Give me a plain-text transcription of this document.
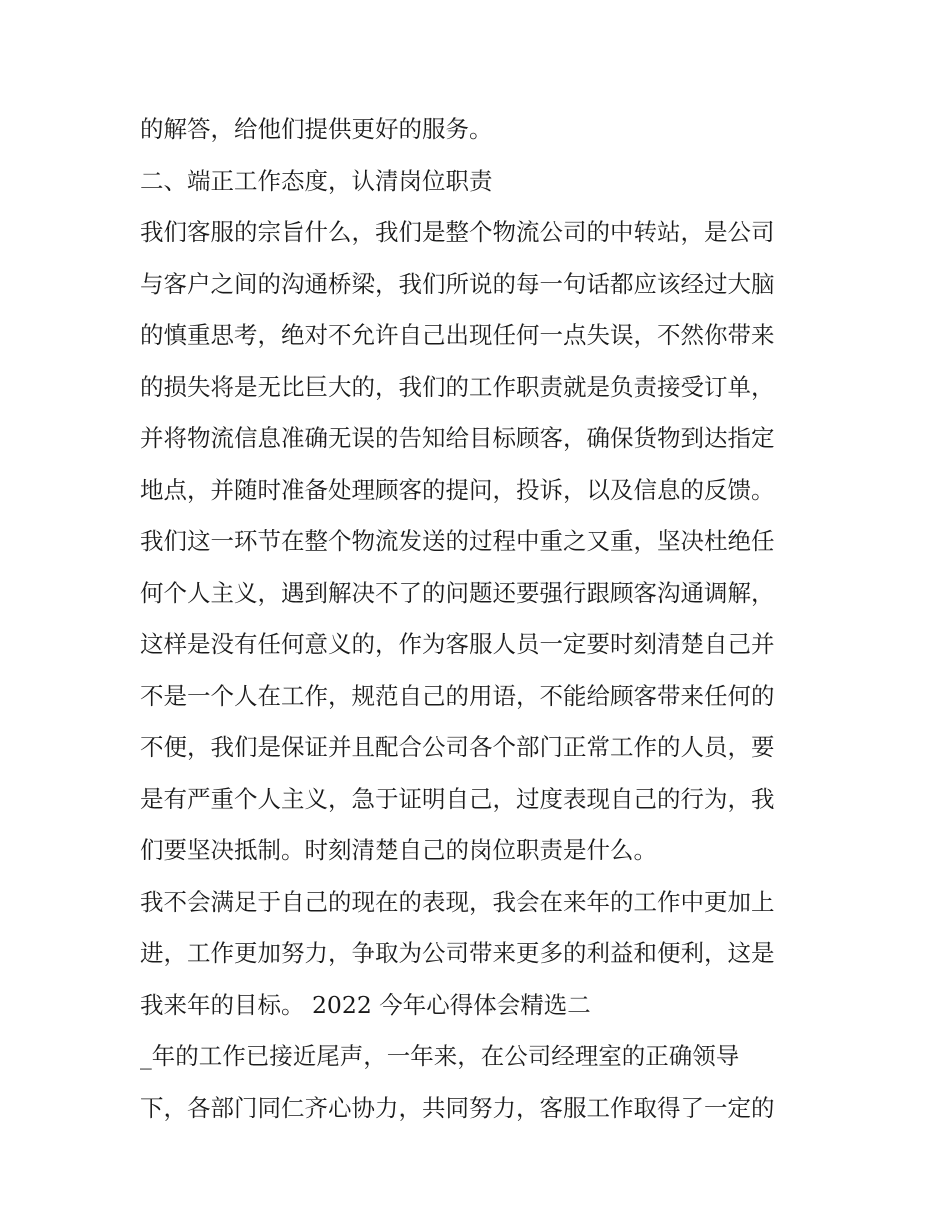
的解答，给他们提供更好的服务。
二、端正工作态度，认清岗位职责
我们客服的宗旨什么，我们是整个物流公司的中转站，是公司
与客户之间的沟通桥梁，我们所说的每一句话都应该经过大脑
的慎重思考，绝对不允许自己出现任何一点失误，不然你带来
的损失将是无比巨大的，我们的工作职责就是负责接受订单，
并将物流信息准确无误的告知给目标顾客，确保货物到达指定
地点，并随时准备处理顾客的提问，投诉，以及信息的反馈。
我们这一环节在整个物流发送的过程中重之又重，坚决杜绝任
何个人主义，遇到解决不了的问题还要强行跟顾客沟通调解，
这样是没有任何意义的，作为客服人员一定要时刻清楚自己并
不是一个人在工作，规范自己的用语，不能给顾客带来任何的
不便，我们是保证并且配合公司各个部门正常工作的人员，要
是有严重个人主义，急于证明自己，过度表现自己的行为，我
们要坚决抵制。时刻清楚自己的岗位职责是什么。
我不会满足于自己的现在的表现，我会在来年的工作中更加上
进，工作更加努力，争取为公司带来更多的利益和便利，这是
我来年的目标。 2022 今年心得体会精选二
_年的工作已接近尾声，一年来，在公司经理室的正确领导
下，各部门同仁齐心协力，共同努力，客服工作取得了一定的
